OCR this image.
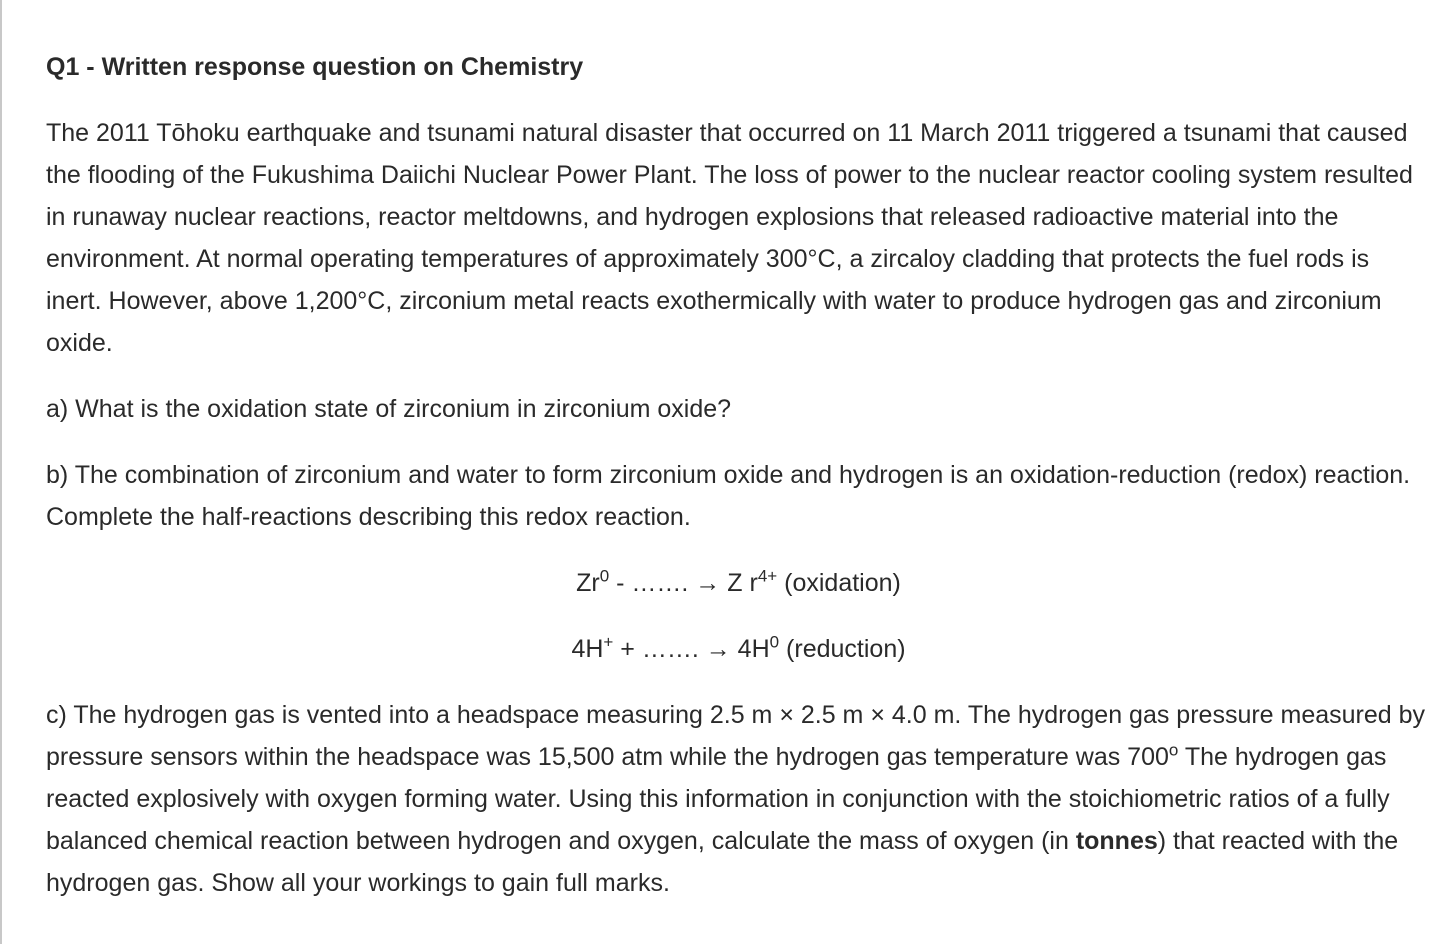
Q1 - Written response question on Chemistry

The 2011 Tōhoku earthquake and tsunami natural disaster that occurred on 11 March 2011 triggered a tsunami that caused the flooding of the Fukushima Daiichi Nuclear Power Plant. The loss of power to the nuclear reactor cooling system resulted in runaway nuclear reactions, reactor meltdowns, and hydrogen explosions that released radioactive material into the environment. At normal operating temperatures of approximately 300°C, a zircaloy cladding that protects the fuel rods is inert. However, above 1,200°C, zirconium metal reacts exothermically with water to produce hydrogen gas and zirconium oxide.

a) What is the oxidation state of zirconium in zirconium oxide?

b) The combination of zirconium and water to form zirconium oxide and hydrogen is an oxidation-reduction (redox) reaction. Complete the half-reactions describing this redox reaction.

Zr$^0$ - ……. → Z $r^{4+}$ (oxidation)
4H+ + ……. → $4H^0$ (reduction)

c) The hydrogen gas is vented into a headspace measuring 2.5 m × 2.5 m × 4.0 m. The hydrogen gas pressure measured by pressure sensors within the headspace was 15,500 atm while the hydrogen gas temperature was 700$^o$ The hydrogen gas reacted explosively with oxygen forming water. Using this information in conjunction with the stoichiometric ratios of a fully balanced chemical reaction between hydrogen and oxygen, calculate the mass of oxygen (in tonnes) that reacted with the hydrogen gas. Show all your workings to gain full marks.
